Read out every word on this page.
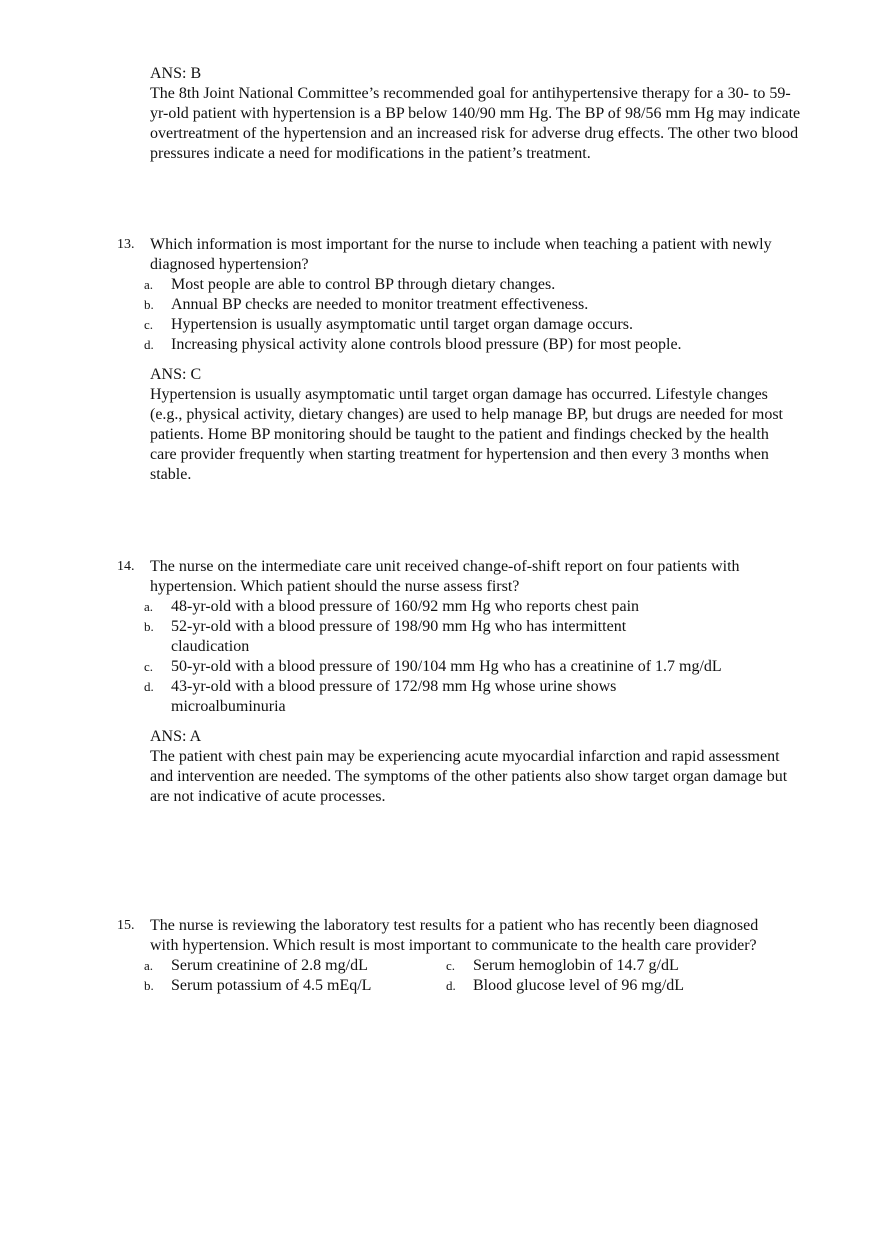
ANS: B
The 8th Joint National Committee’s recommended goal for antihypertensive therapy for a 30- to 59-yr-old patient with hypertension is a BP below 140/90 mm Hg. The BP of 98/56 mm Hg may indicate overtreatment of the hypertension and an increased risk for adverse drug effects. The other two blood pressures indicate a need for modifications in the patient’s treatment.
13. Which information is most important for the nurse to include when teaching a patient with newly diagnosed hypertension?
a. Most people are able to control BP through dietary changes.
b. Annual BP checks are needed to monitor treatment effectiveness.
c. Hypertension is usually asymptomatic until target organ damage occurs.
d. Increasing physical activity alone controls blood pressure (BP) for most people.
ANS: C
Hypertension is usually asymptomatic until target organ damage has occurred. Lifestyle changes (e.g., physical activity, dietary changes) are used to help manage BP, but drugs are needed for most patients. Home BP monitoring should be taught to the patient and findings checked by the health care provider frequently when starting treatment for hypertension and then every 3 months when stable.
14. The nurse on the intermediate care unit received change-of-shift report on four patients with hypertension. Which patient should the nurse assess first?
a. 48-yr-old with a blood pressure of 160/92 mm Hg who reports chest pain
b. 52-yr-old with a blood pressure of 198/90 mm Hg who has intermittent claudication
c. 50-yr-old with a blood pressure of 190/104 mm Hg who has a creatinine of 1.7 mg/dL
d. 43-yr-old with a blood pressure of 172/98 mm Hg whose urine shows microalbuminuria
ANS: A
The patient with chest pain may be experiencing acute myocardial infarction and rapid assessment and intervention are needed. The symptoms of the other patients also show target organ damage but are not indicative of acute processes.
15. The nurse is reviewing the laboratory test results for a patient who has recently been diagnosed with hypertension. Which result is most important to communicate to the health care provider?
a. Serum creatinine of 2.8 mg/dL
b. Serum potassium of 4.5 mEq/L
c. Serum hemoglobin of 14.7 g/dL
d. Blood glucose level of 96 mg/dL
